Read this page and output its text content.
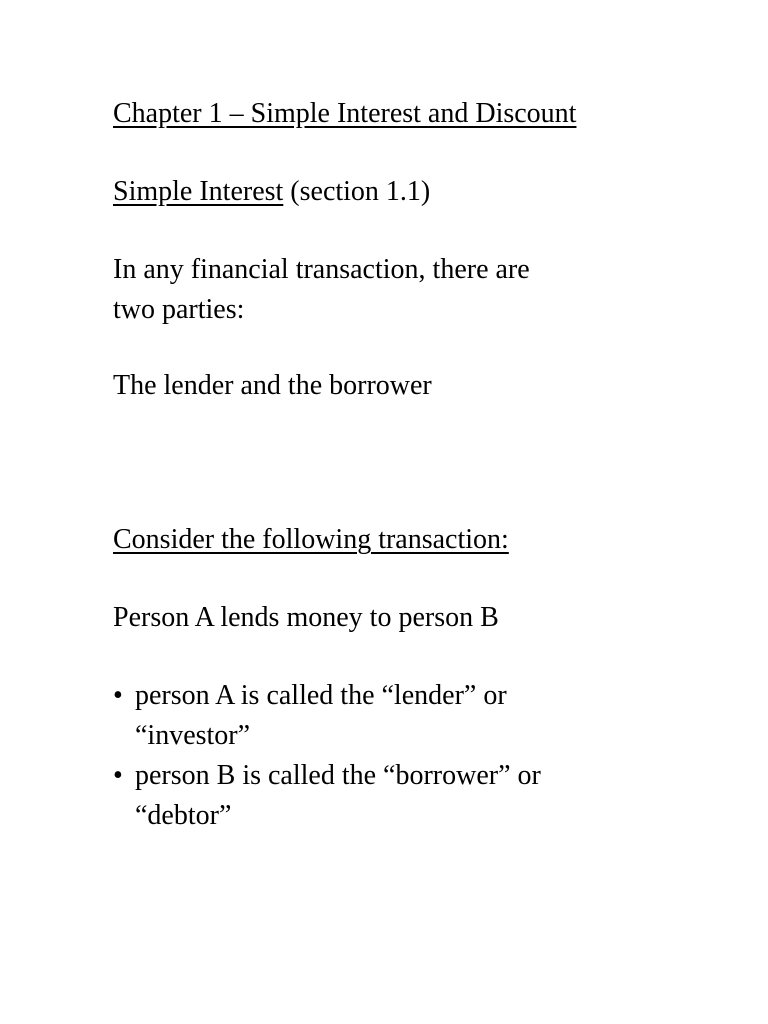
Chapter 1 – Simple Interest and Discount
Simple Interest (section 1.1)
In any financial transaction, there are
two parties:
The lender and the borrower
Consider the following transaction:
Person A lends money to person B
• person A is called the “lender” or
“investor”
• person B is called the “borrower” or
“debtor”
